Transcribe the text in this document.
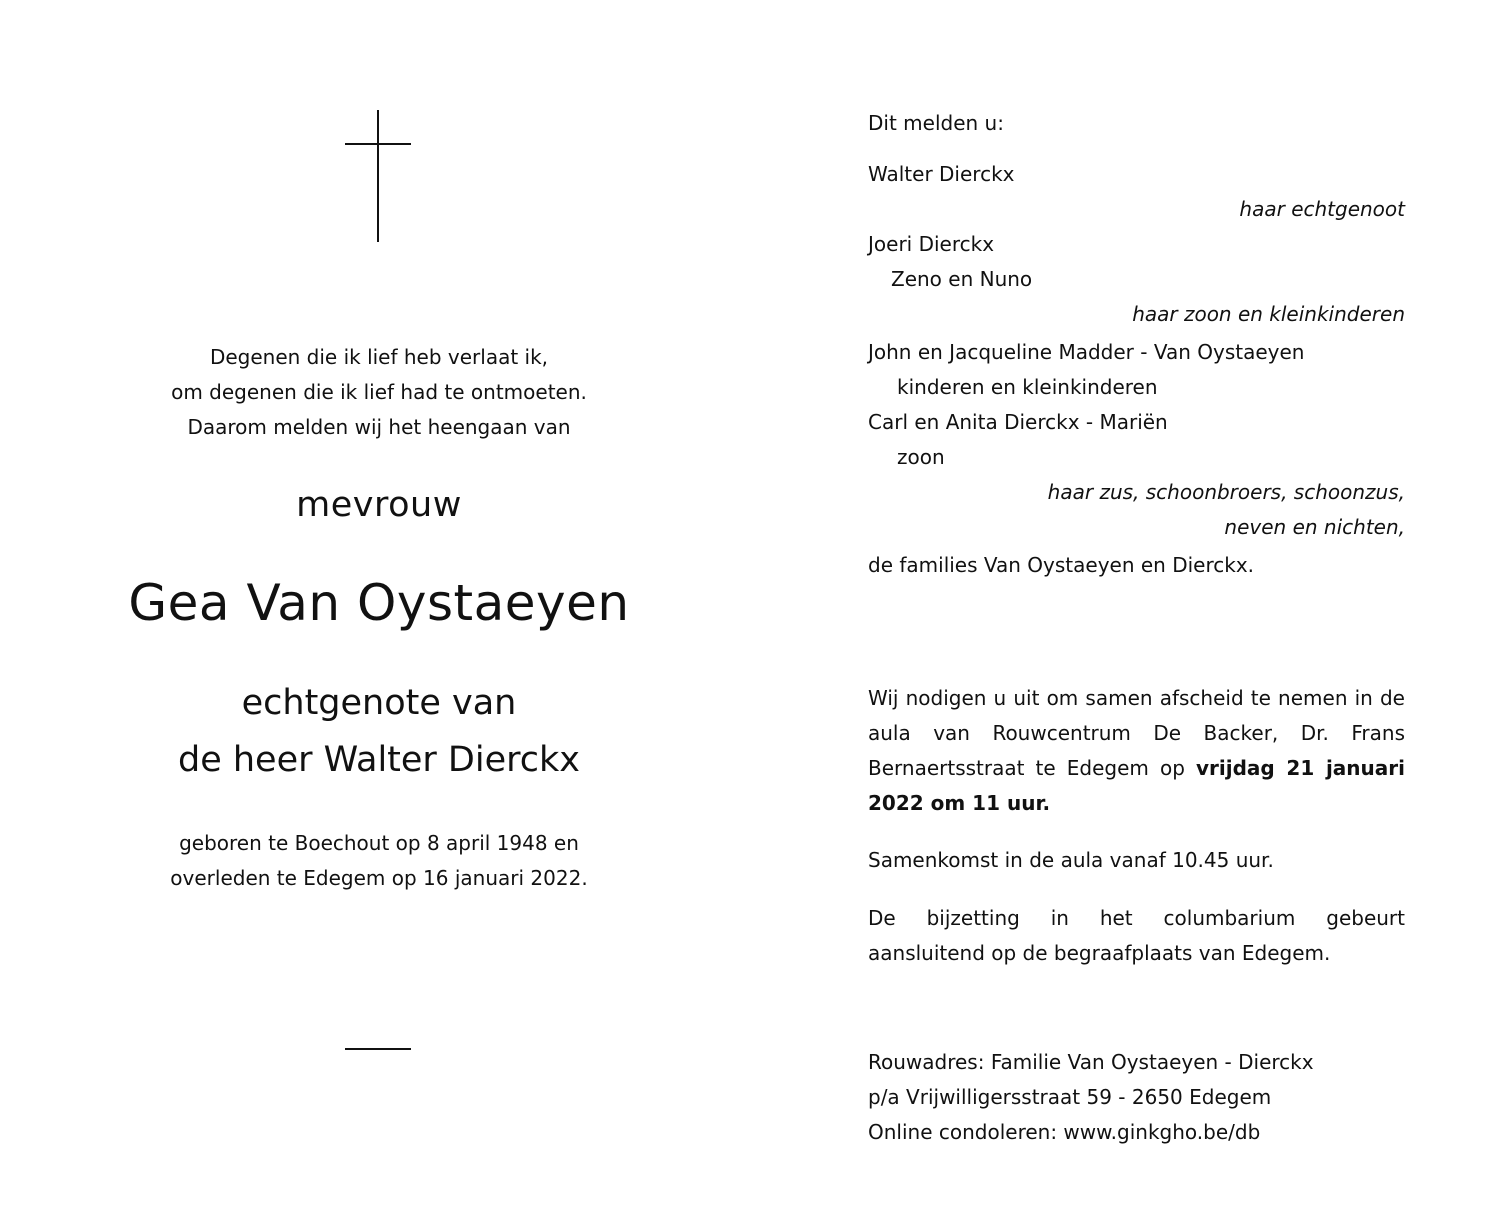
Degenen die ik lief heb verlaat ik,

om degenen die ik lief had te ontmoeten.

Daarom melden wij het heengaan van

mevrouw
Gea Van Oystaeyen

echtgenote van

de heer Walter Dierckx

geboren te Boechout op 8 april 1948 en

overleden te Edegem op 16 januari 2022.

Dit melden u:

Walter Dierckx

haar echtgenoot

Joeri Dierckx

Zeno en Nuno

haar zoon en kleinkinderen

John en Jacqueline Madder - Van Oystaeyen

kinderen en kleinkinderen

Carl en Anita Dierckx - Mariën

zoon

haar zus, schoonbroers, schoonzus,

neven en nichten,

de families Van Oystaeyen en Dierckx.
Wij nodigen u uit om samen afscheid te nemen in de aula van Rouwcentrum De Backer, Dr. Frans Bernaertsstraat te Edegem op vrijdag 21 januari 2022 om 11 uur.
Samenkomst in de aula vanaf 10.45 uur.
De bijzetting in het columbarium gebeurt aansluitend op de begraafplaats van Edegem.

Rouwadres: Familie Van Oystaeyen - Dierckx

p/a Vrijwilligersstraat 59 - 2650 Edegem

Online condoleren: www.ginkgho.be/db
